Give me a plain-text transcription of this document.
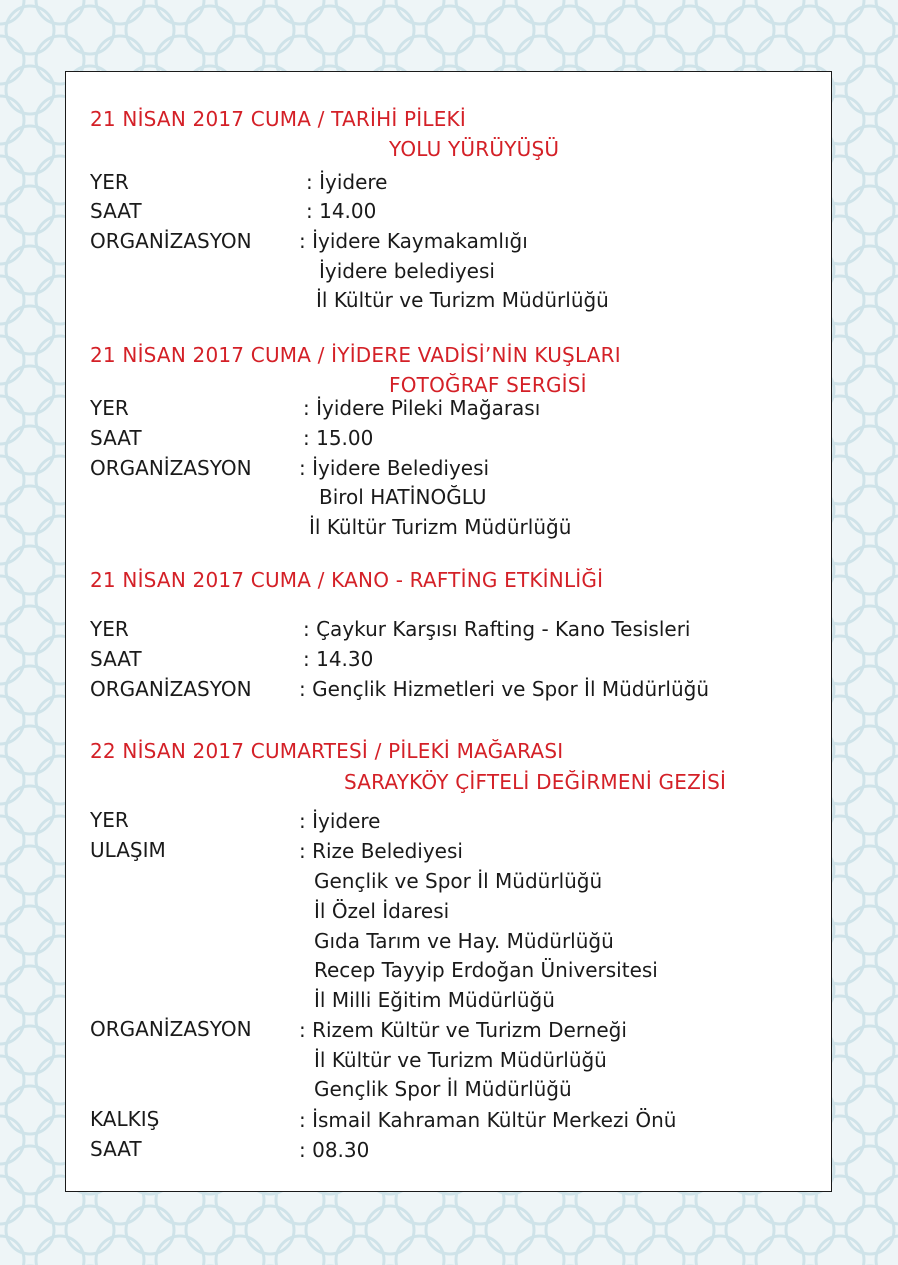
21 NİSAN 2017 CUMA / TARİHİ PİLEKİ
YOLU YÜRÜYÜŞÜ
YER	: İyidere
SAAT	: 14.00
ORGANİZASYON : İyidere Kaymakamlığı
İyidere belediyesi
İl Kültür ve Turizm Müdürlüğü
21 NİSAN 2017 CUMA / İYİDERE VADİSİ’NİN KUŞLARI
FOTOĞRAF SERGİSİ
YER	: İyidere Pileki Mağarası
SAAT	: 15.00
ORGANİZASYON : İyidere Belediyesi
Birol HATİNOĞLU
İl Kültür Turizm Müdürlüğü
21 NİSAN 2017 CUMA / KANO - RAFTİNG ETKİNLİĞİ
YER	: Çaykur Karşısı Rafting - Kano Tesisleri
SAAT	: 14.30
ORGANİZASYON : Gençlik Hizmetleri ve Spor İl Müdürlüğü
22 NİSAN 2017 CUMARTESİ / PİLEKİ MAĞARASI
SARAYKÖY ÇİFTELİ DEĞİRMENİ GEZİSİ
YER	: İyidere
ULAŞIM	: Rize Belediyesi
Gençlik ve Spor İl Müdürlüğü
İl Özel İdaresi
Gıda Tarım ve Hay. Müdürlüğü
Recep Tayyip Erdoğan Üniversitesi
İl Milli Eğitim Müdürlüğü
ORGANİZASYON : Rizem Kültür ve Turizm Derneği
İl Kültür ve Turizm Müdürlüğü
Gençlik Spor İl Müdürlüğü
KALKIŞ	: İsmail Kahraman Kültür Merkezi Önü
SAAT	: 08.30
